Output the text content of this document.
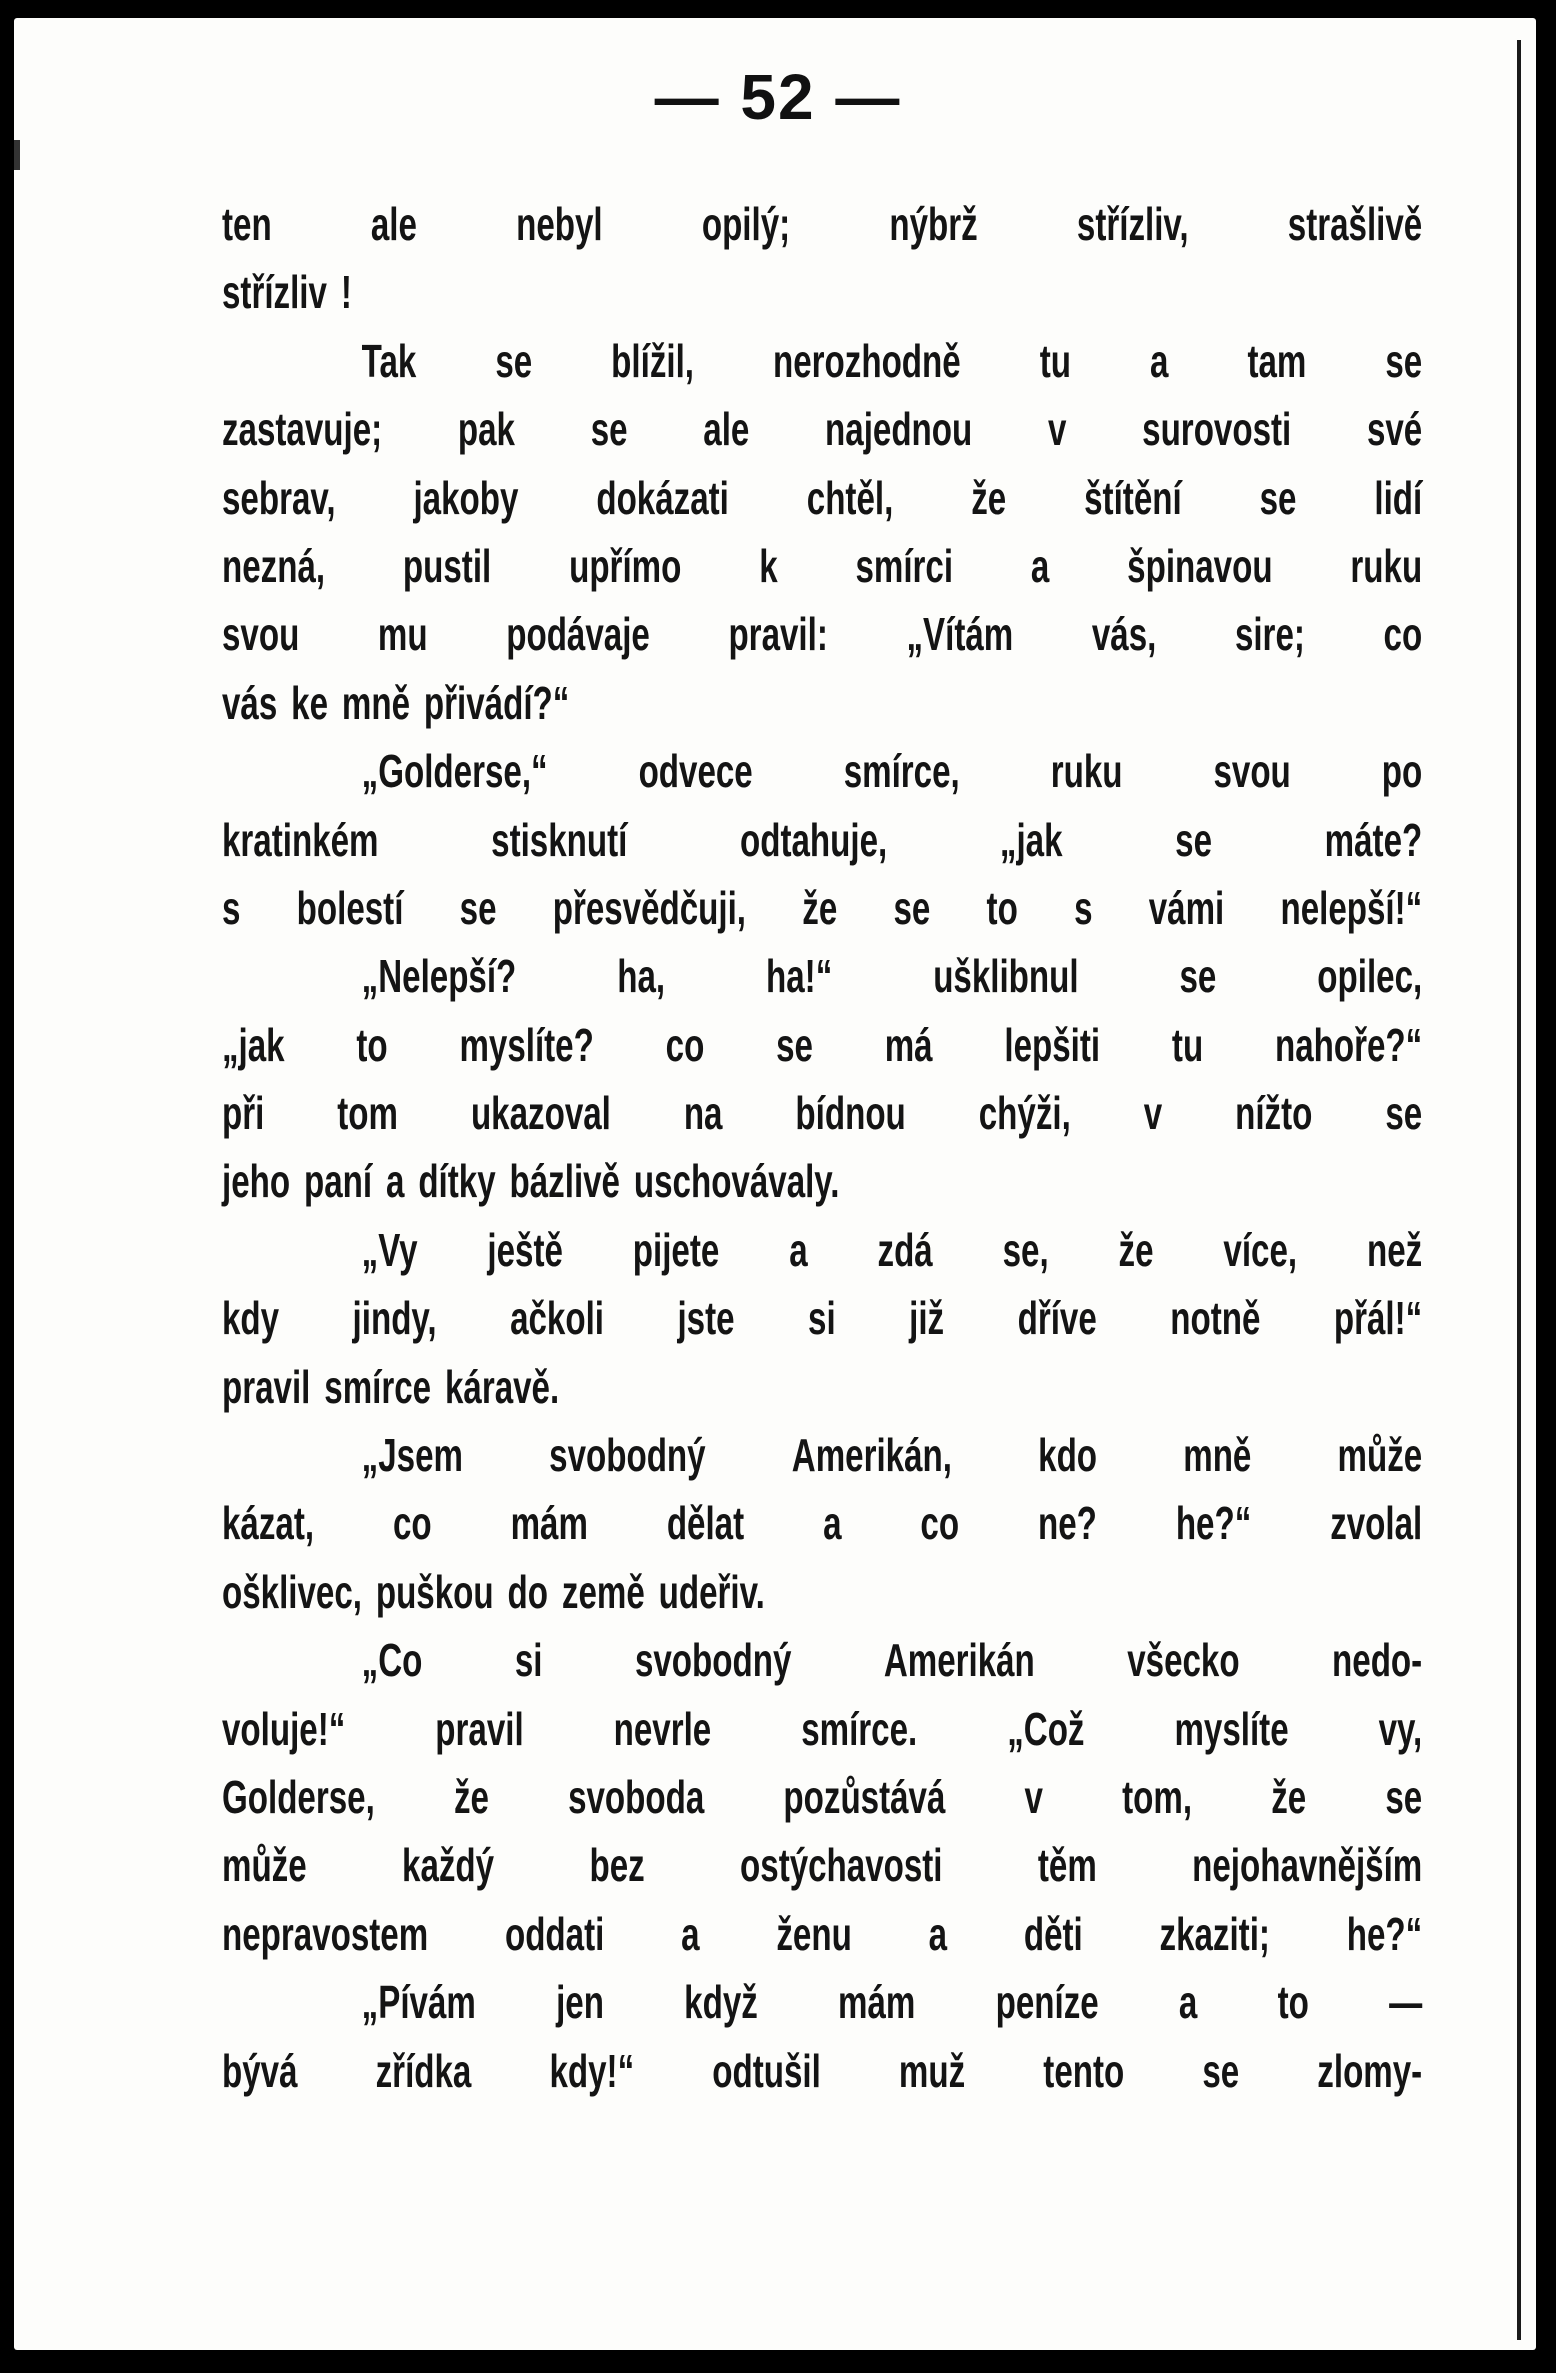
— 52 —
ten ale nebyl opilý; nýbrž střízliv, strašlivě
střízliv !
Tak se blížil, nerozhodně tu a tam se
zastavuje; pak se ale najednou v surovosti své
sebrav, jakoby dokázati chtěl, že štítění se lidí
nezná, pustil upřímo k smírci a špinavou ruku
svou mu podávaje pravil: „Vítám vás, sire; co
vás ke mně přivádí?“
„Golderse,“ odvece smírce, ruku svou po
kratinkém stisknutí odtahuje, „jak se máte?
s bolestí se přesvědčuji, že se to s vámi nelepší!“
„Nelepší? ha, ha!“ ušklibnul se opilec,
„jak to myslíte? co se má lepšiti tu nahoře?“
při tom ukazoval na bídnou chýži, v nížto se
jeho paní a dítky bázlivě uschovávaly.
„Vy ještě pijete a zdá se, že více, než
kdy jindy, ačkoli jste si již dříve notně přál!“
pravil smírce káravě.
„Jsem svobodný Amerikán, kdo mně může
kázat, co mám dělat a co ne? he?“ zvolal
ošklivec, puškou do země udeřiv.
„Co si svobodný Amerikán všecko nedo-
voluje!“ pravil nevrle smírce. „Což myslíte vy,
Golderse, že svoboda pozůstává v tom, že se
může každý bez ostýchavosti těm nejohavnějším
nepravostem oddati a ženu a děti zkaziti; he?“
„Pívám jen když mám peníze a to —
bývá zřídka kdy!“ odtušil muž tento se zlomy-
